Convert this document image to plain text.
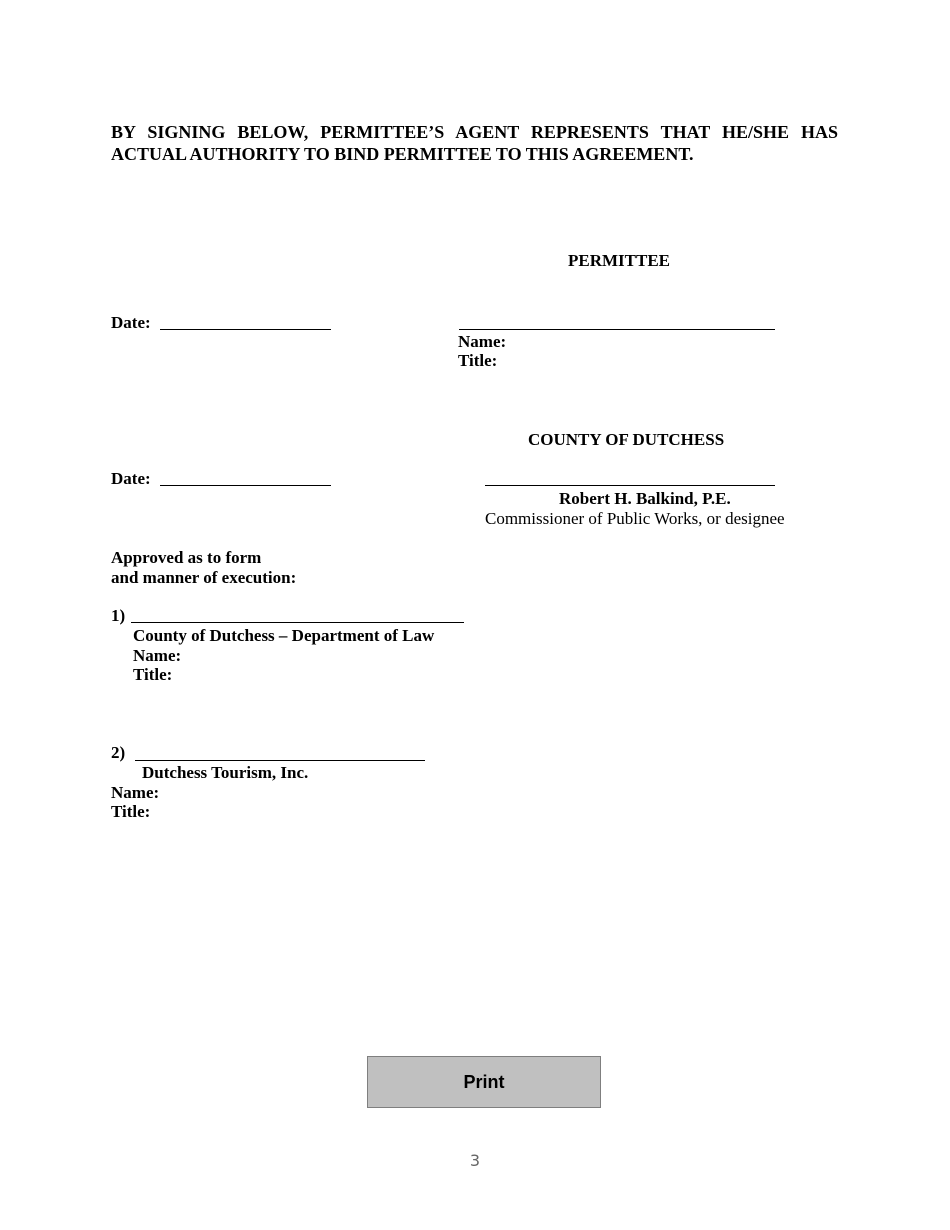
BY SIGNING BELOW, PERMITTEE’S AGENT REPRESENTS THAT HE/SHE HAS
ACTUAL AUTHORITY TO BIND PERMITTEE TO THIS AGREEMENT.
PERMITTEE
Date:
Name:
Title:
COUNTY OF DUTCHESS
Date:
Robert H. Balkind, P.E.
Commissioner of Public Works, or designee
Approved as to form
and manner of execution:
1)
County of Dutchess – Department of Law
Name:
Title:
2)
Dutchess Tourism, Inc.
Name:
Title:
Print
3
